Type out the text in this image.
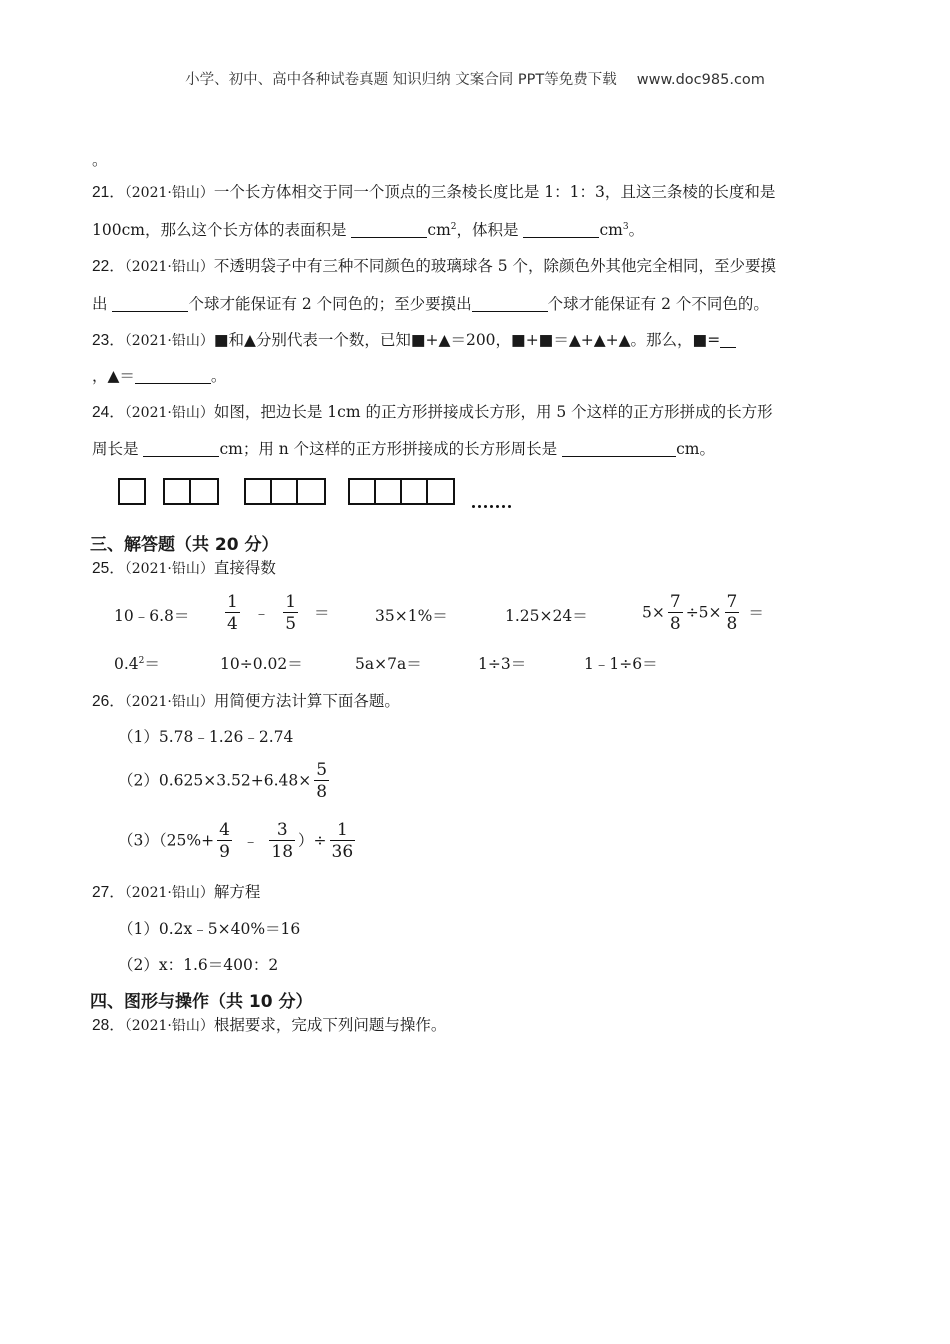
小学、初中、高中各种试卷真题 知识归纳 文案合同 PPT等免费下载 www.doc985.com
。
21．（2021·铅山）一个长方体相交于同一个顶点的三条棱长度比是 1：1：3，且这三条棱的长度和是
100cm，那么这个长方体的表面积是	$cm^2$，体积是	$cm^3$。
22．（2021·铅山）不透明袋子中有三种不同颜色的玻璃球各 5 个，除颜色外其他完全相同，至少要摸
出	个球才能保证有 2 个同色的；至少要摸出	个球才能保证有 2 个不同色的。
23．（2021·铅山）■和▲分别代表一个数，已知■+▲＝200，■+■＝▲+▲+▲。那么，■=
，▲＝	。
24．（2021·铅山）如图，把边长是 1cm 的正方形拼接成长方形，用 5 个这样的正方形拼成的长方形
周长是	cm；用 n 个这样的正方形拼接成的长方形周长是	cm。
三、解答题（共 20 分）
25．（2021·铅山）直接得数
10﹣6.8＝ $\frac{1}{4}$ ﹣ $\frac{1}{5}$ ＝	35×1%＝	1.25×24＝	$5\times \frac{7}{8} \div 5\times \frac{7}{8}$ ＝
$0.4^2=$	10÷0.02＝	5a×7a＝	1÷3＝	1﹣1÷6＝
26．（2021·铅山）用简便方法计算下面各题。
（1）5.78﹣1.26﹣2.74
$(2)0.625\times 3.52+6.48\times \frac{5}{8}$
$(3)(25\%+ \frac{4}{9}$ ﹣ $\frac{3}{18}$ ）÷ $\frac{1}{36}$
27．（2021·铅山）解方程
（1）0.2x﹣5×40%＝16
（2）x：1.6＝400：2
四、图形与操作（共 10 分）
28．（2021·铅山）根据要求，完成下列问题与操作。
